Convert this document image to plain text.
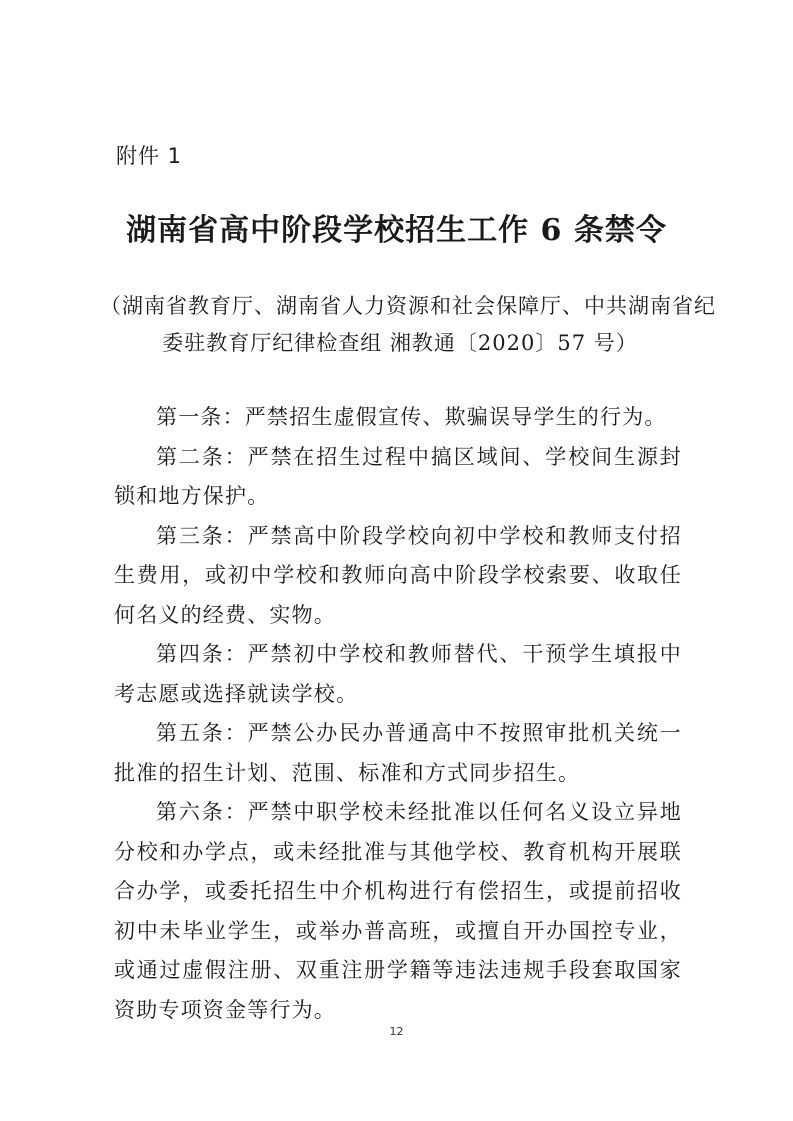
附件 1
湖南省高中阶段学校招生工作 6 条禁令
（湖南省教育厅、湖南省人力资源和社会保障厅、中共湖南省纪
委驻教育厅纪律检查组 湘教通〔2020〕57 号）

第一条：严禁招生虚假宣传、欺骗误导学生的行为。

第二条：严禁在招生过程中搞区域间、学校间生源封锁和地方保护。

第三条：严禁高中阶段学校向初中学校和教师支付招生费用，或初中学校和教师向高中阶段学校索要、收取任何名义的经费、实物。

第四条：严禁初中学校和教师替代、干预学生填报中考志愿或选择就读学校。

第五条：严禁公办民办普通高中不按照审批机关统一批准的招生计划、范围、标准和方式同步招生。

第六条：严禁中职学校未经批准以任何名义设立异地分校和办学点，或未经批准与其他学校、教育机构开展联合办学，或委托招生中介机构进行有偿招生，或提前招收初中未毕业学生，或举办普高班，或擅自开办国控专业，或通过虚假注册、双重注册学籍等违法违规手段套取国家资助专项资金等行为。

12
